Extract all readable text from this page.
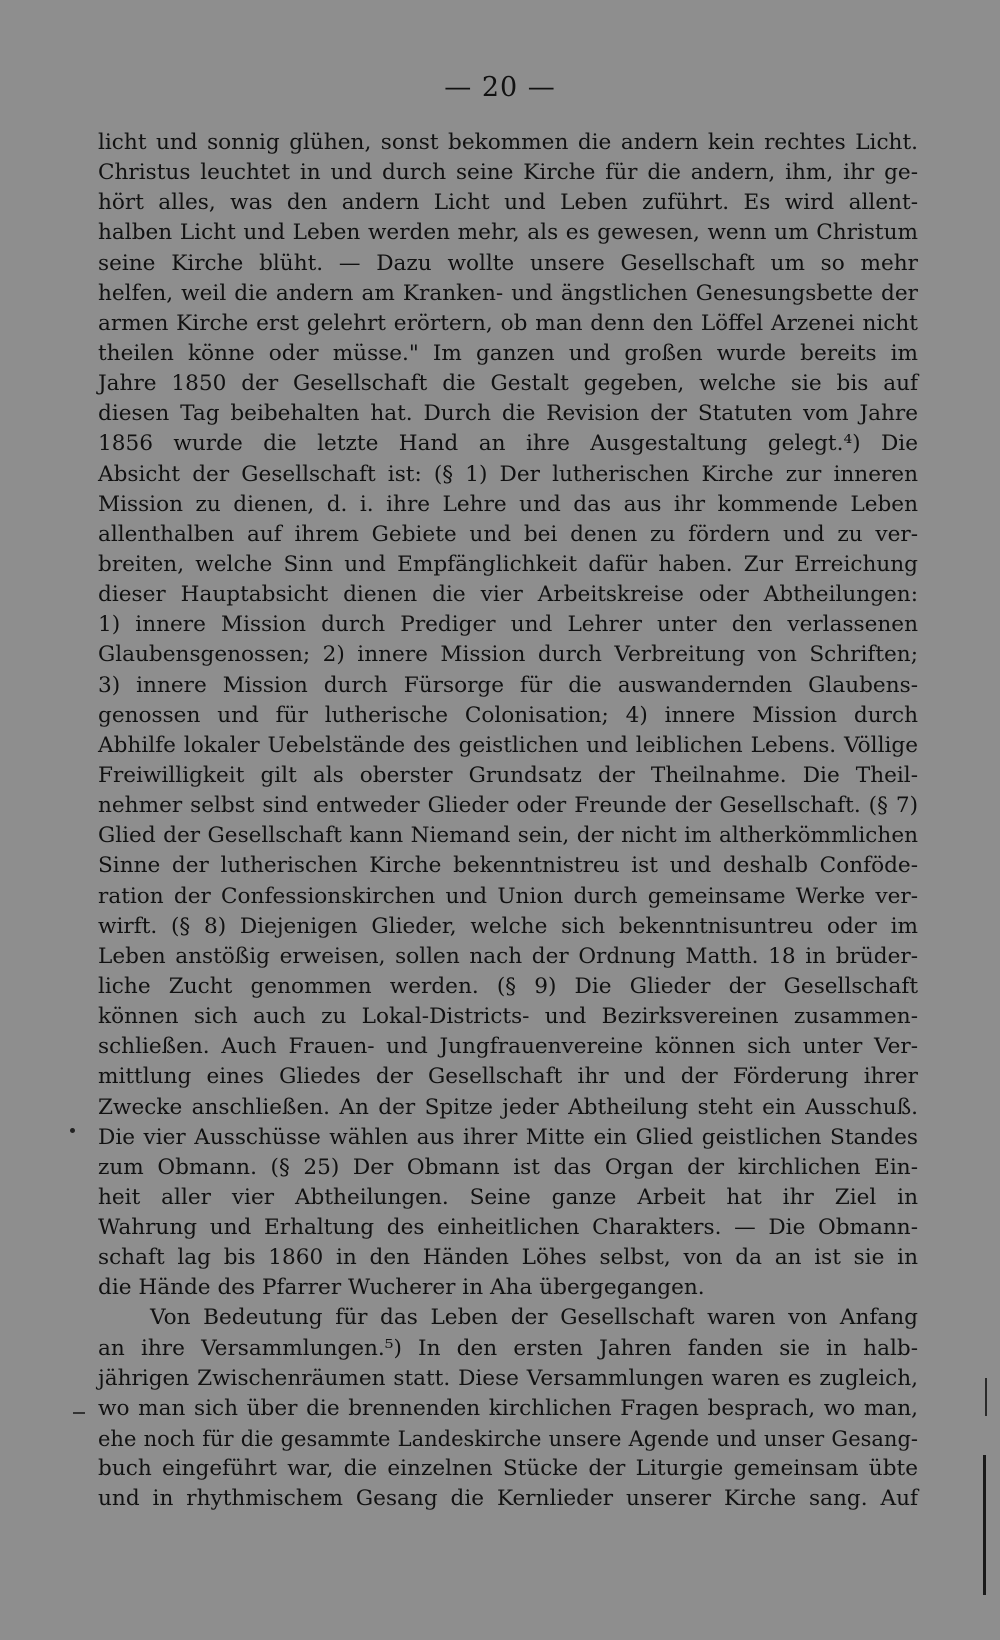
— 20 —
licht und sonnig glühen, sonst bekommen die andern kein rechtes Licht.
Christus leuchtet in und durch seine Kirche für die andern, ihm, ihr ge-
hört alles, was den andern Licht und Leben zuführt. Es wird allent-
halben Licht und Leben werden mehr, als es gewesen, wenn um Christum
seine Kirche blüht. — Dazu wollte unsere Gesellschaft um so mehr
helfen, weil die andern am Kranken- und ängstlichen Genesungsbette der
armen Kirche erst gelehrt erörtern, ob man denn den Löffel Arzenei nicht
theilen könne oder müsse." Im ganzen und großen wurde bereits im
Jahre 1850 der Gesellschaft die Gestalt gegeben, welche sie bis auf
diesen Tag beibehalten hat. Durch die Revision der Statuten vom Jahre
1856 wurde die letzte Hand an ihre Ausgestaltung gelegt.⁴) Die
Absicht der Gesellschaft ist: (§ 1) Der lutherischen Kirche zur inneren
Mission zu dienen, d. i. ihre Lehre und das aus ihr kommende Leben
allenthalben auf ihrem Gebiete und bei denen zu fördern und zu ver-
breiten, welche Sinn und Empfänglichkeit dafür haben. Zur Erreichung
dieser Hauptabsicht dienen die vier Arbeitskreise oder Abtheilungen:
1) innere Mission durch Prediger und Lehrer unter den verlassenen
Glaubensgenossen; 2) innere Mission durch Verbreitung von Schriften;
3) innere Mission durch Fürsorge für die auswandernden Glaubens-
genossen und für lutherische Colonisation; 4) innere Mission durch
Abhilfe lokaler Uebelstände des geistlichen und leiblichen Lebens. Völlige
Freiwilligkeit gilt als oberster Grundsatz der Theilnahme. Die Theil-
nehmer selbst sind entweder Glieder oder Freunde der Gesellschaft. (§ 7)
Glied der Gesellschaft kann Niemand sein, der nicht im altherkömmlichen
Sinne der lutherischen Kirche bekenntnistreu ist und deshalb Conföde-
ration der Confessionskirchen und Union durch gemeinsame Werke ver-
wirft. (§ 8) Diejenigen Glieder, welche sich bekenntnisuntreu oder im
Leben anstößig erweisen, sollen nach der Ordnung Matth. 18 in brüder-
liche Zucht genommen werden. (§ 9) Die Glieder der Gesellschaft
können sich auch zu Lokal-Districts- und Bezirksvereinen zusammen-
schließen. Auch Frauen- und Jungfrauenvereine können sich unter Ver-
mittlung eines Gliedes der Gesellschaft ihr und der Förderung ihrer
Zwecke anschließen. An der Spitze jeder Abtheilung steht ein Ausschuß.
Die vier Ausschüsse wählen aus ihrer Mitte ein Glied geistlichen Standes
zum Obmann. (§ 25) Der Obmann ist das Organ der kirchlichen Ein-
heit aller vier Abtheilungen. Seine ganze Arbeit hat ihr Ziel in
Wahrung und Erhaltung des einheitlichen Charakters. — Die Obmann-
schaft lag bis 1860 in den Händen Löhes selbst, von da an ist sie in
die Hände des Pfarrer Wucherer in Aha übergegangen.
Von Bedeutung für das Leben der Gesellschaft waren von Anfang
an ihre Versammlungen.⁵) In den ersten Jahren fanden sie in halb-
jährigen Zwischenräumen statt. Diese Versammlungen waren es zugleich,
wo man sich über die brennenden kirchlichen Fragen besprach, wo man,
ehe noch für die gesammte Landeskirche unsere Agende und unser Gesang-
buch eingeführt war, die einzelnen Stücke der Liturgie gemeinsam übte
und in rhythmischem Gesang die Kernlieder unserer Kirche sang. Auf
